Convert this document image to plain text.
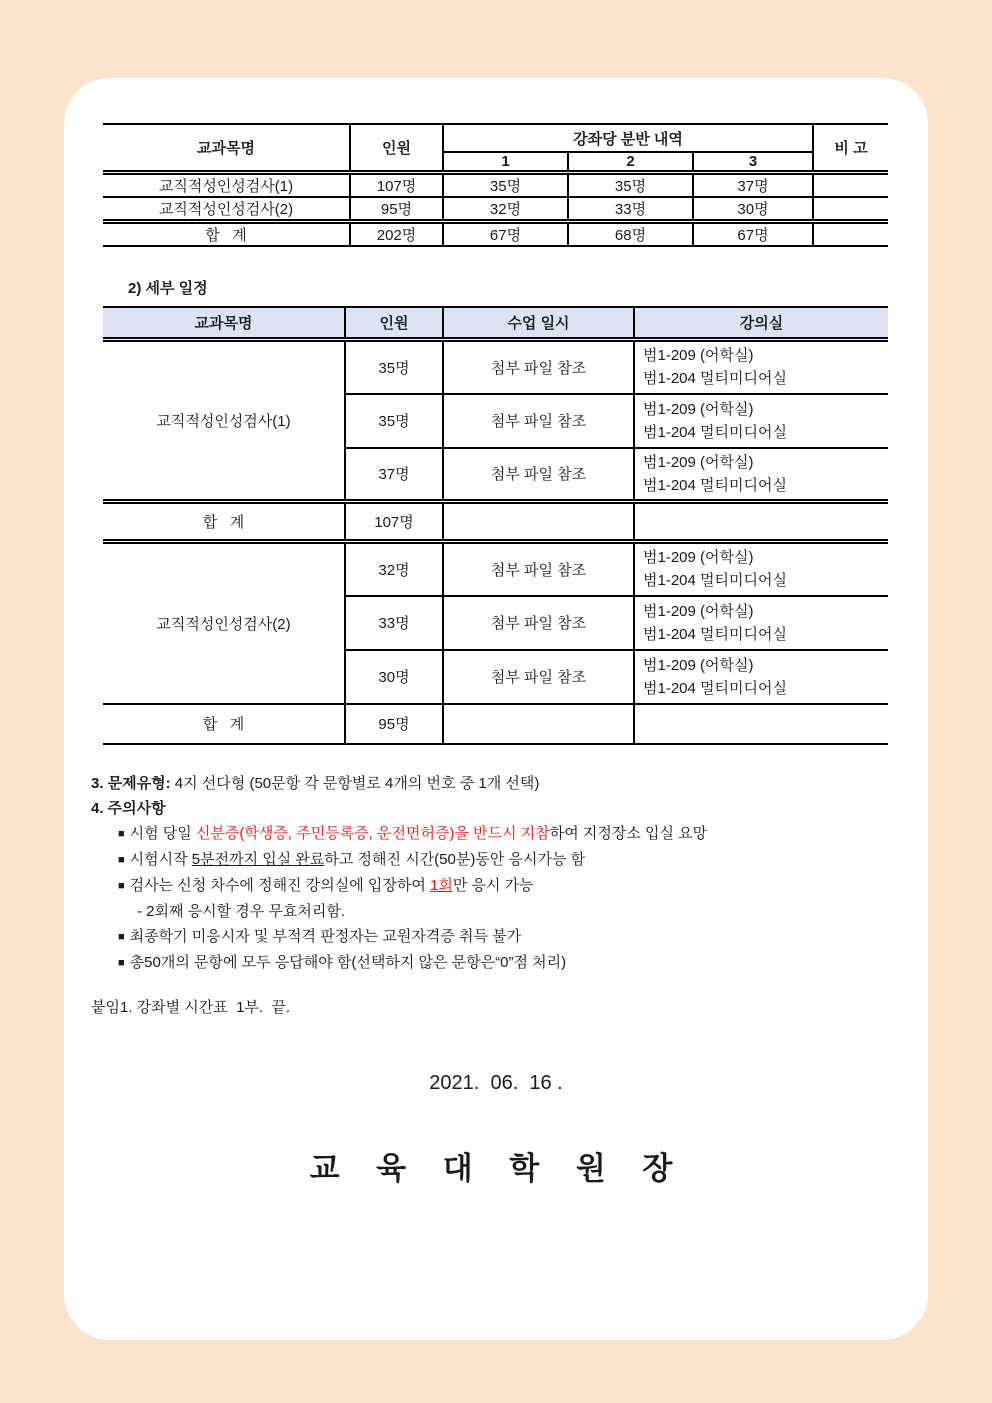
교과목명	인원	강좌당 분반 내역			비 고
		1	2	3	
교직적성인성검사(1)	107명	35명	35명	37명	
교직적성인성검사(2)	95명	32명	33명	30명	
합   계	202명	67명	68명	67명	
2) 세부 일정
교과목명	인원	수업 일시	강의실
교직적성인성검사(1)	35명	첨부 파일 참조	범1-209 (어학실)
범1-204 멀티미디어실

	35명	첨부 파일 참조	범1-209 (어학실)
범1-204 멀티미디어실

	37명	첨부 파일 참조	범1-209 (어학실)
범1-204 멀티미디어실

합   계	107명		
교직적성인성검사(2)	32명	첨부 파일 참조	범1-209 (어학실)
범1-204 멀티미디어실

	33명	첨부 파일 참조	범1-209 (어학실)
범1-204 멀티미디어실

	30명	첨부 파일 참조	범1-209 (어학실)
범1-204 멀티미디어실

합   계	95명		
3. 문제유형: 4지 선다형 (50문항 각 문항별로 4개의 번호 중 1개 선택)
4. 주의사항
■ 시험 당일 신분증(학생증, 주민등록증, 운전면허증)을 반드시 지참하여 지정장소 입실 요망
■ 시험시작 5분전까지 입실 완료하고 정해진 시간(50분)동안 응시가능 함
■ 검사는 신청 차수에 정해진 강의실에 입장하여 1회만 응시 가능
- 2회째 응시할 경우 무효처리함.
■ 최종학기 미응시자 및 부적격 판정자는 교원자격증 취득 불가
■ 총50개의 문항에 모두 응답해야 함(선택하지 않은 문항은“0”점 처리)
붙임1. 강좌별 시간표  1부.  끝.
2021.  06.  16 .
교 육 대 학 원 장
